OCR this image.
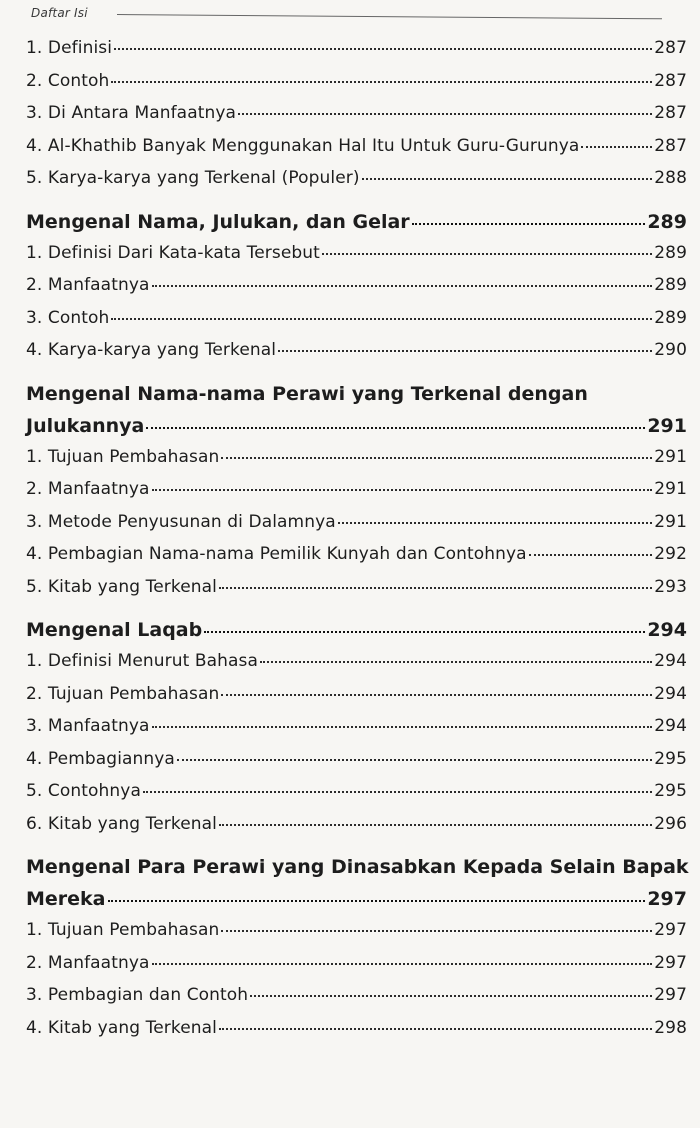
Daftar Isi
1. Definisi	287
2. Contoh	287
3. Di Antara Manfaatnya	287
4. Al-Khathib Banyak Menggunakan Hal Itu Untuk Guru-Gurunya	287
5. Karya-karya yang Terkenal (Populer)	288
Mengenal Nama, Julukan, dan Gelar	289
1. Definisi Dari Kata-kata Tersebut	289
2. Manfaatnya	289
3. Contoh	289
4. Karya-karya yang Terkenal	290
Mengenal Nama-nama Perawi yang Terkenal dengan
Julukannya	291
1. Tujuan Pembahasan	291
2. Manfaatnya	291
3. Metode Penyusunan di Dalamnya	291
4. Pembagian Nama-nama Pemilik Kunyah dan Contohnya	292
5. Kitab yang Terkenal	293
Mengenal Laqab	294
1. Definisi Menurut Bahasa	294
2. Tujuan Pembahasan	294
3. Manfaatnya	294
4. Pembagiannya	295
5. Contohnya	295
6. Kitab yang Terkenal	296
Mengenal Para Perawi yang Dinasabkan Kepada Selain Bapak
Mereka	297
1. Tujuan Pembahasan	297
2. Manfaatnya	297
3. Pembagian dan Contoh	297
4. Kitab yang Terkenal	298
